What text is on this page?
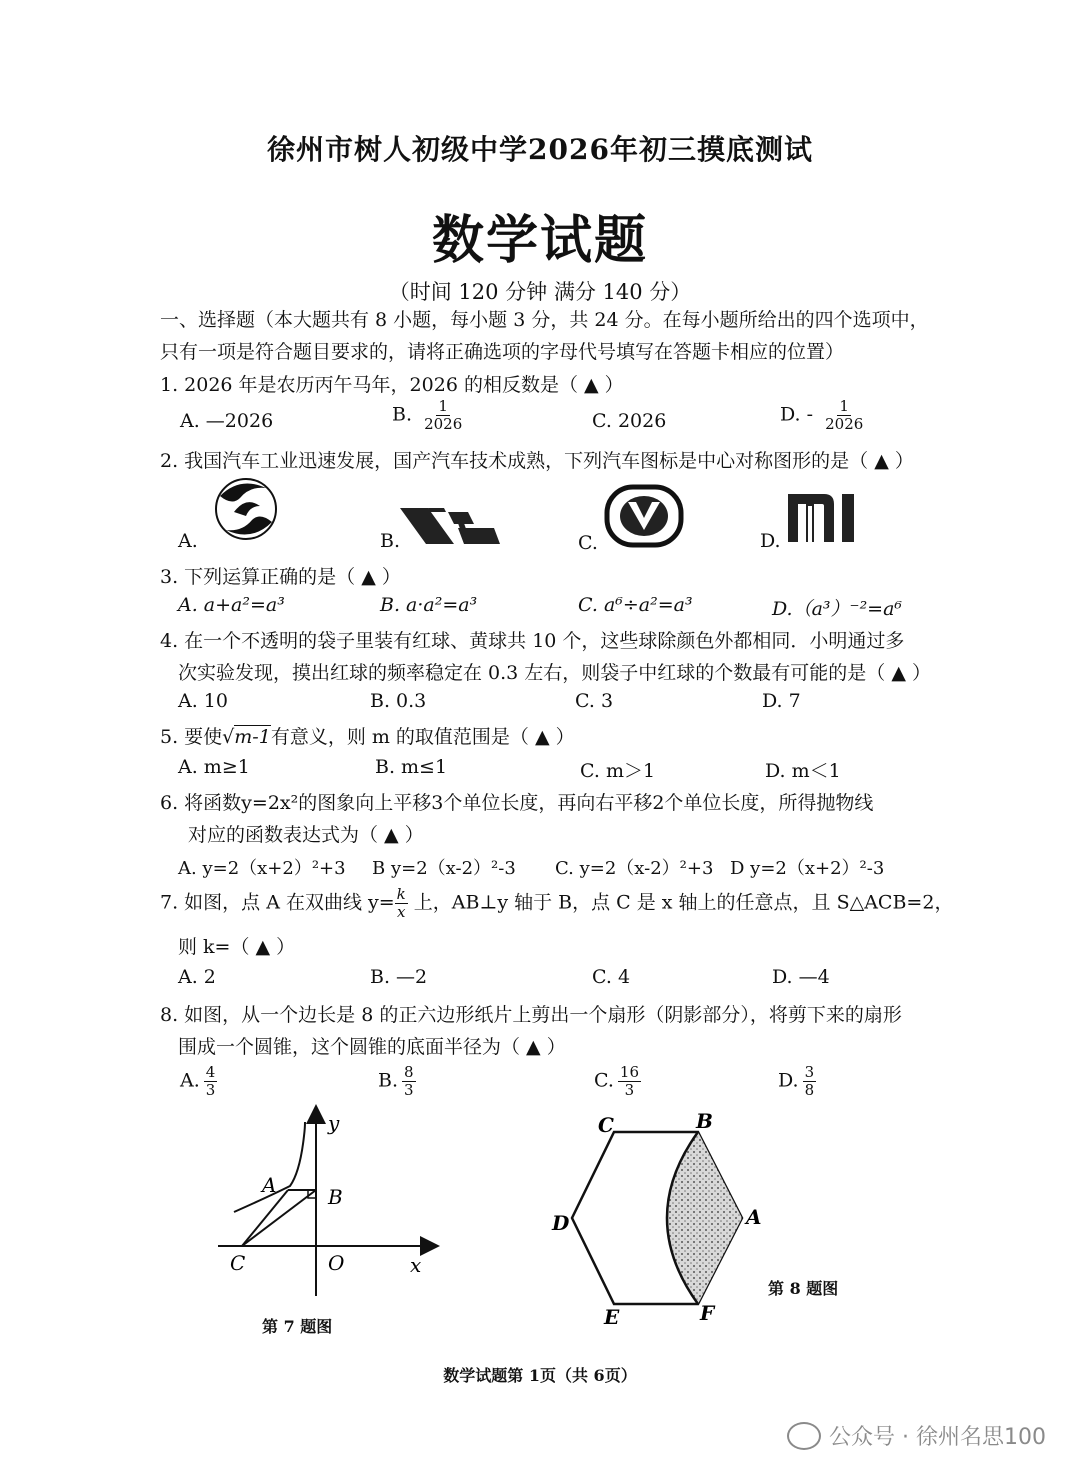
徐州市树人初级中学2026年初三摸底测试
数学试题
（时间 120 分钟 满分 140 分）
一、选择题（本大题共有 8 小题，每小题 3 分，共 24 分。在每小题所给出的四个选项中，
只有一项是符合题目要求的，请将正确选项的字母代号填写在答题卡相应的位置）
1. 2026 年是农历丙午马年，2026 的相反数是（ ▲ ）
A. —2026	B. $\frac{1}{2026}$	C. 2026	D. - $\frac{1}{2026}$
2. 我国汽车工业迅速发展，国产汽车技术成熟，下列汽车图标是中心对称图形的是（ ▲ ）
A.	B.	C.	D.
3. 下列运算正确的是（ ▲ ）
A. a+a²=a³	B. a·a²=a³	C. a⁶÷a²=a³	D.（a³）⁻²=a⁶
4. 在一个不透明的袋子里装有红球、黄球共 10 个，这些球除颜色外都相同．小明通过多
次实验发现，摸出红球的频率稳定在 0.3 左右，则袋子中红球的个数最有可能的是（ ▲ ）
A. 10	B. 0.3	C. 3	D. 7
5. 要使√m-1有意义，则 m 的取值范围是（ ▲ ）
A. m≥1	B. m≤1	C. m＞1	D. m＜1
6. 将函数y=2x²的图象向上平移3个单位长度，再向右平移2个单位长度，所得抛物线
对应的函数表达式为（ ▲ ）
A. y=2（x+2）²+3 B y=2（x-2）²-3 C. y=2（x-2）²+3 D y=2（x+2）²-3
7. 如图，点 A 在双曲线 $y= \frac{k}{x}$ 上，AB⊥y 轴于 B，点 C 是 x 轴上的任意点，且 S△ACB=2，
则 k=（ ▲ ）
A. 2	B. —2	C. 4	D. —4
8. 如图，从一个边长是 8 的正六边形纸片上剪出一个扇形（阴影部分），将剪下来的扇形
围成一个圆锥，这个圆锥的底面半径为（ ▲ ）
A. $\frac{4}{3}$	B. $\frac{8}{3}$	C. $\frac{16}{3}$	D. $\frac{3}{8}$
y
x
A	B
C	O
第 7 题图
C	B
A
D
E	F
第 8 题图
数学试题第 1页（共 6页）
公众号 · 徐州名思100
